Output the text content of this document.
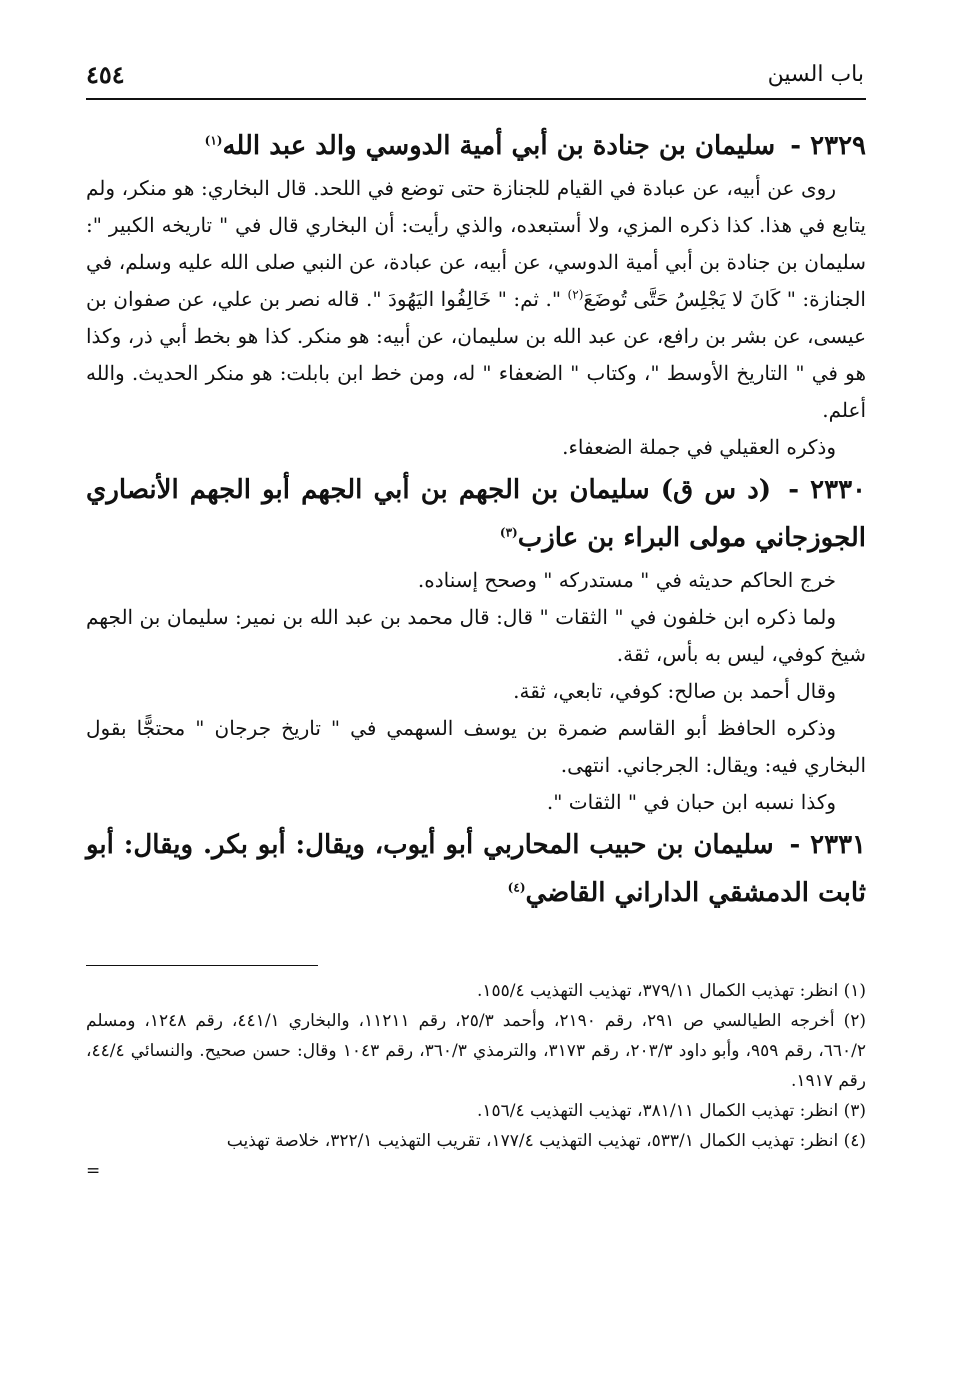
باب السين
٤٥٤

٢٣٢٩ - سليمان بن جنادة بن أبي أمية الدوسي والد عبد الله$^{(١)}$

روى عن أبيه، عن عبادة في القيام للجنازة حتى توضع في اللحد. قال البخاري: هو منكر، ولم يتابع في هذا. كذا ذكره المزي، ولا أستبعده، والذي رأيت: أن البخاري قال في " تاريخه الكبير ": سليمان بن جنادة بن أبي أمية الدوسي، عن أبيه، عن عبادة، عن النبي صلى الله عليه وسلم، في الجنازة: " كَانَ لا يَجْلِسُ حَتَّى تُوضَعَ$^{(٢)}$ ". ثم: " خَالِفُوا اليَهُودَ ". قاله نصر بن علي، عن صفوان بن عيسى، عن بشر بن رافع، عن عبد الله بن سليمان، عن أبيه: هو منكر. كذا هو بخط أبي ذر، وكذا هو في " التاريخ الأوسط "، وكتاب " الضعفاء " له، ومن خط ابن بابلت: هو منكر الحديث. والله أعلم.

وذكره العقيلي في جملة الضعفاء.

٢٣٣٠ - (د س ق) سليمان بن الجهم بن أبي الجهم أبو الجهم الأنصاري الجوزجاني مولى البراء بن عازب$^{(٣)}$

خرج الحاكم حديثه في " مستدركه " وصحح إسناده.

ولما ذكره ابن خلفون في " الثقات " قال: قال محمد بن عبد الله بن نمير: سليمان بن الجهم شيخ كوفي، ليس به بأس، ثقة.

وقال أحمد بن صالح: كوفي، تابعي، ثقة.

وذكره الحافظ أبو القاسم ضمرة بن يوسف السهمي في " تاريخ جرجان " محتجًّا بقول البخاري فيه: ويقال: الجرجاني. انتهى.

وكذا نسبه ابن حبان في " الثقات ".

٢٣٣١ - سليمان بن حبيب المحاربي أبو أيوب، ويقال: أبو بكر. ويقال: أبو ثابت الدمشقي الداراني القاضي$^{(٤)}$

(١) انظر: تهذيب الكمال ٣٧٩/١١، تهذيب التهذيب ١٥٥/٤.

(٢) أخرجه الطيالسي ص ٢٩١، رقم ٢١٩٠، وأحمد ٢٥/٣، رقم ١١٢١١، والبخاري ٤٤١/١، رقم ١٢٤٨، ومسلم ٦٦٠/٢، رقم ٩٥٩، وأبو داود ٢٠٣/٣، رقم ٣١٧٣، والترمذي ٣٦٠/٣، رقم ١٠٤٣ وقال: حسن صحيح. والنسائي ٤٤/٤، رقم ١٩١٧.

(٣) انظر: تهذيب الكمال ٣٨١/١١، تهذيب التهذيب ١٥٦/٤.

(٤) انظر: تهذيب الكمال ٥٣٣/١، تهذيب التهذيب ١٧٧/٤، تقريب التهذيب ٣٢٢/١، خلاصة تهذيب

=
